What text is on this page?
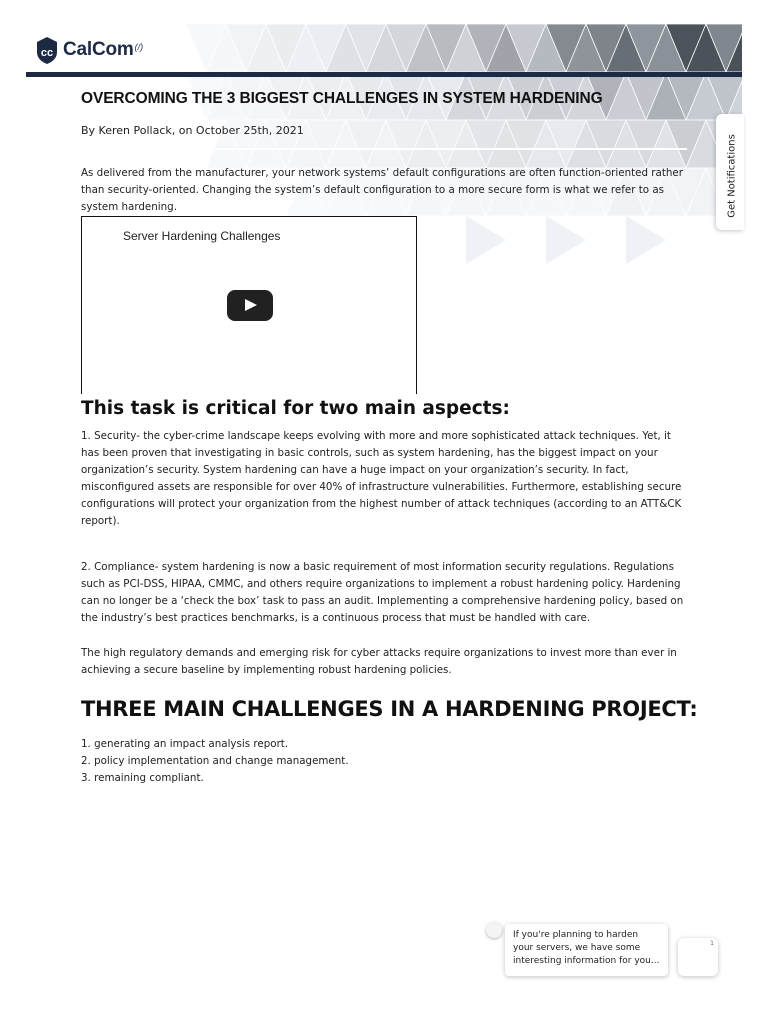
cc CalCom (/)
Get Notifications
OVERCOMING THE 3 BIGGEST CHALLENGES IN SYSTEM HARDENING
By Keren Pollack, on October 25th, 2021

As delivered from the manufacturer, your network systems’ default configurations are often function-oriented rather than security-oriented. Changing the system’s default configuration to a more secure form is what we refer to as system hardening.

Server Hardening Challenges
This task is critical for two main aspects:

1. Security- the cyber-crime landscape keeps evolving with more and more sophisticated attack techniques. Yet, it has been proven that investigating in basic controls, such as system hardening, has the biggest impact on your organization’s security. System hardening can have a huge impact on your organization’s security. In fact, misconfigured assets are responsible for over 40% of infrastructure vulnerabilities. Furthermore, establishing secure configurations will protect your organization from the highest number of attack techniques (according to an ATT&CK report).

2. Compliance- system hardening is now a basic requirement of most information security regulations. Regulations such as PCI-DSS, HIPAA, CMMC, and others require organizations to implement a robust hardening policy. Hardening can no longer be a ‘check the box’ task to pass an audit. Implementing a comprehensive hardening policy, based on the industry’s best practices benchmarks, is a continuous process that must be handled with care.

The high regulatory demands and emerging risk for cyber attacks require organizations to invest more than ever in achieving a secure baseline by implementing robust hardening policies.

THREE MAIN CHALLENGES IN A HARDENING PROJECT:
1. generating an impact analysis report.
2. policy implementation and change management.
3. remaining compliant.
If you're planning to harden your servers, we have some interesting information for you...
1
